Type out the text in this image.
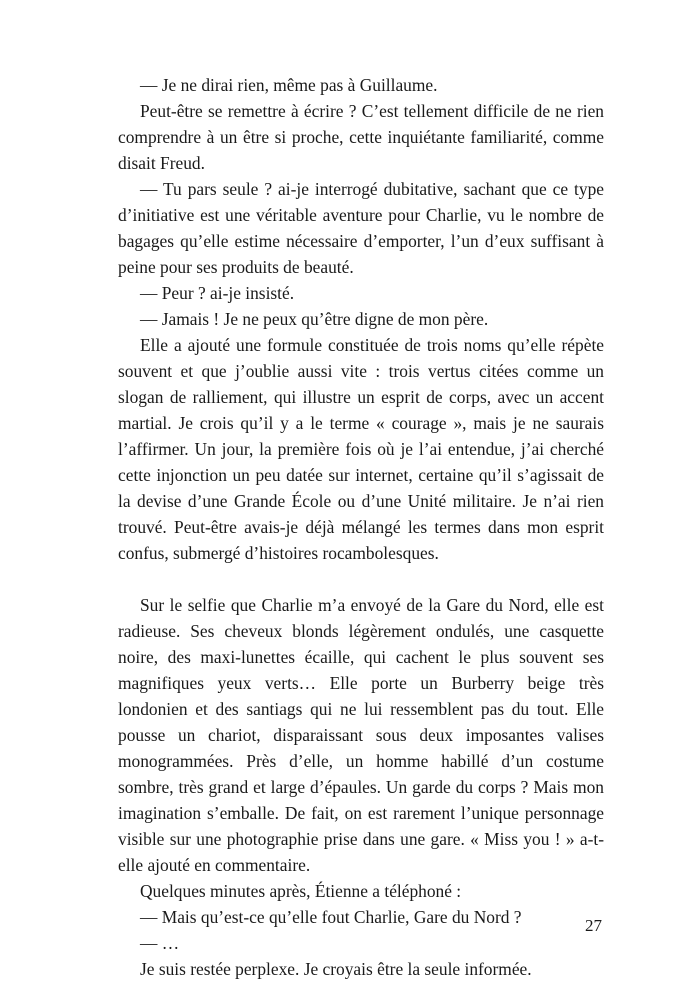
— Je ne dirai rien, même pas à Guillaume.

Peut-être se remettre à écrire ? C’est tellement difficile de ne rien comprendre à un être si proche, cette inquiétante familiarité, comme disait Freud.

— Tu pars seule ? ai-je interrogé dubitative, sachant que ce type d’initiative est une véritable aventure pour Charlie, vu le nombre de bagages qu’elle estime nécessaire d’emporter, l’un d’eux suffisant à peine pour ses produits de beauté.

— Peur ? ai-je insisté.

— Jamais ! Je ne peux qu’être digne de mon père.

Elle a ajouté une formule constituée de trois noms qu’elle répète souvent et que j’oublie aussi vite : trois vertus citées comme un slogan de ralliement, qui illustre un esprit de corps, avec un accent martial. Je crois qu’il y a le terme « courage », mais je ne saurais l’affirmer. Un jour, la première fois où je l’ai entendue, j’ai cherché cette injonction un peu datée sur internet, certaine qu’il s’agissait de la devise d’une Grande École ou d’une Unité militaire. Je n’ai rien trouvé. Peut-être avais-je déjà mélangé les termes dans mon esprit confus, submergé d’histoires rocambolesques.

Sur le selfie que Charlie m’a envoyé de la Gare du Nord, elle est radieuse. Ses cheveux blonds légèrement ondulés, une casquette noire, des maxi-lunettes écaille, qui cachent le plus souvent ses magnifiques yeux verts… Elle porte un Burberry beige très londonien et des santiags qui ne lui ressemblent pas du tout. Elle pousse un chariot, disparaissant sous deux imposantes valises monogrammées. Près d’elle, un homme habillé d’un costume sombre, très grand et large d’épaules. Un garde du corps ? Mais mon imagination s’emballe. De fait, on est rarement l’unique personnage visible sur une photographie prise dans une gare. « Miss you ! » a-t-elle ajouté en commentaire.

Quelques minutes après, Étienne a téléphoné :

— Mais qu’est-ce qu’elle fout Charlie, Gare du Nord ?

— …

Je suis restée perplexe. Je croyais être la seule informée.

27
